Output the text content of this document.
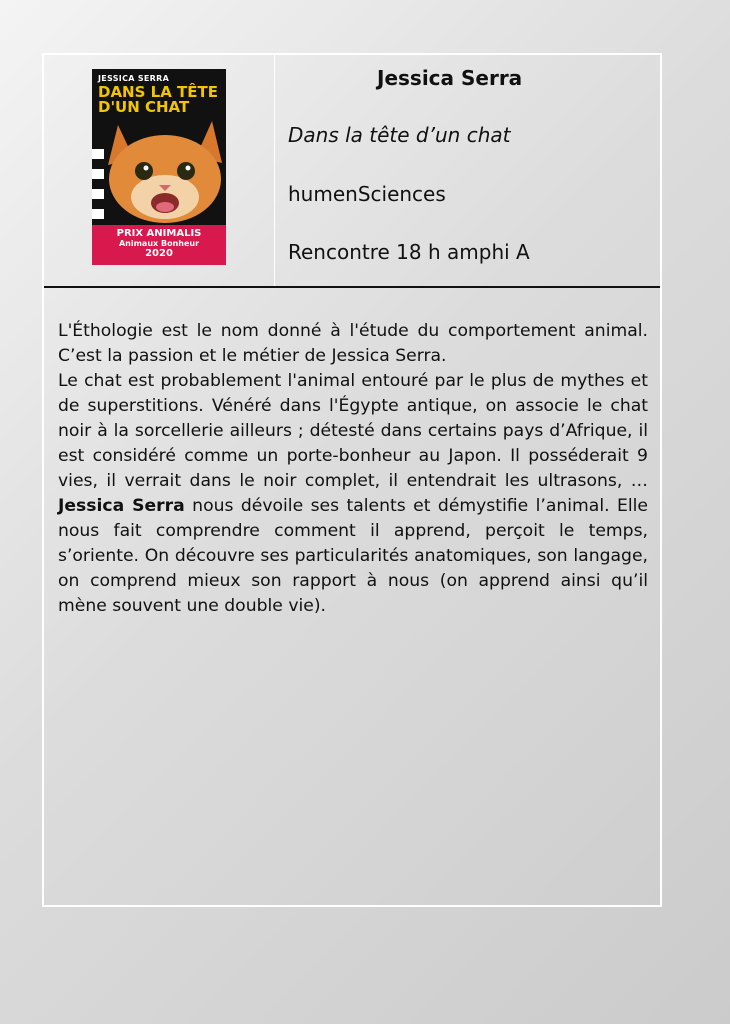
JESSICA SERRA
DANS LA TÊTE
D'UN CHAT
PRIX ANIMALIS
Animaux Bonheur
2020
Jessica Serra
Dans la tête d’un chat
humenSciences
Rencontre 18 h amphi A

L'Éthologie est le nom donné à l'étude du comportement animal. C’est la passion et le métier de Jessica Serra.

Le chat est probablement l'animal entouré par le plus de mythes et de superstitions. Vénéré dans l'Égypte antique, on associe le chat noir à la sorcellerie ailleurs ; détesté dans certains pays d’Afrique, il est considéré comme un porte-bonheur au Japon. Il posséderait 9 vies, il verrait dans le noir complet, il entendrait les ultrasons, … Jessica Serra nous dévoile ses talents et démystifie l’animal. Elle nous fait comprendre comment il apprend, perçoit le temps, s’oriente. On découvre ses particularités anatomiques, son langage, on comprend mieux son rapport à nous (on apprend ainsi qu’il mène souvent une double vie).
